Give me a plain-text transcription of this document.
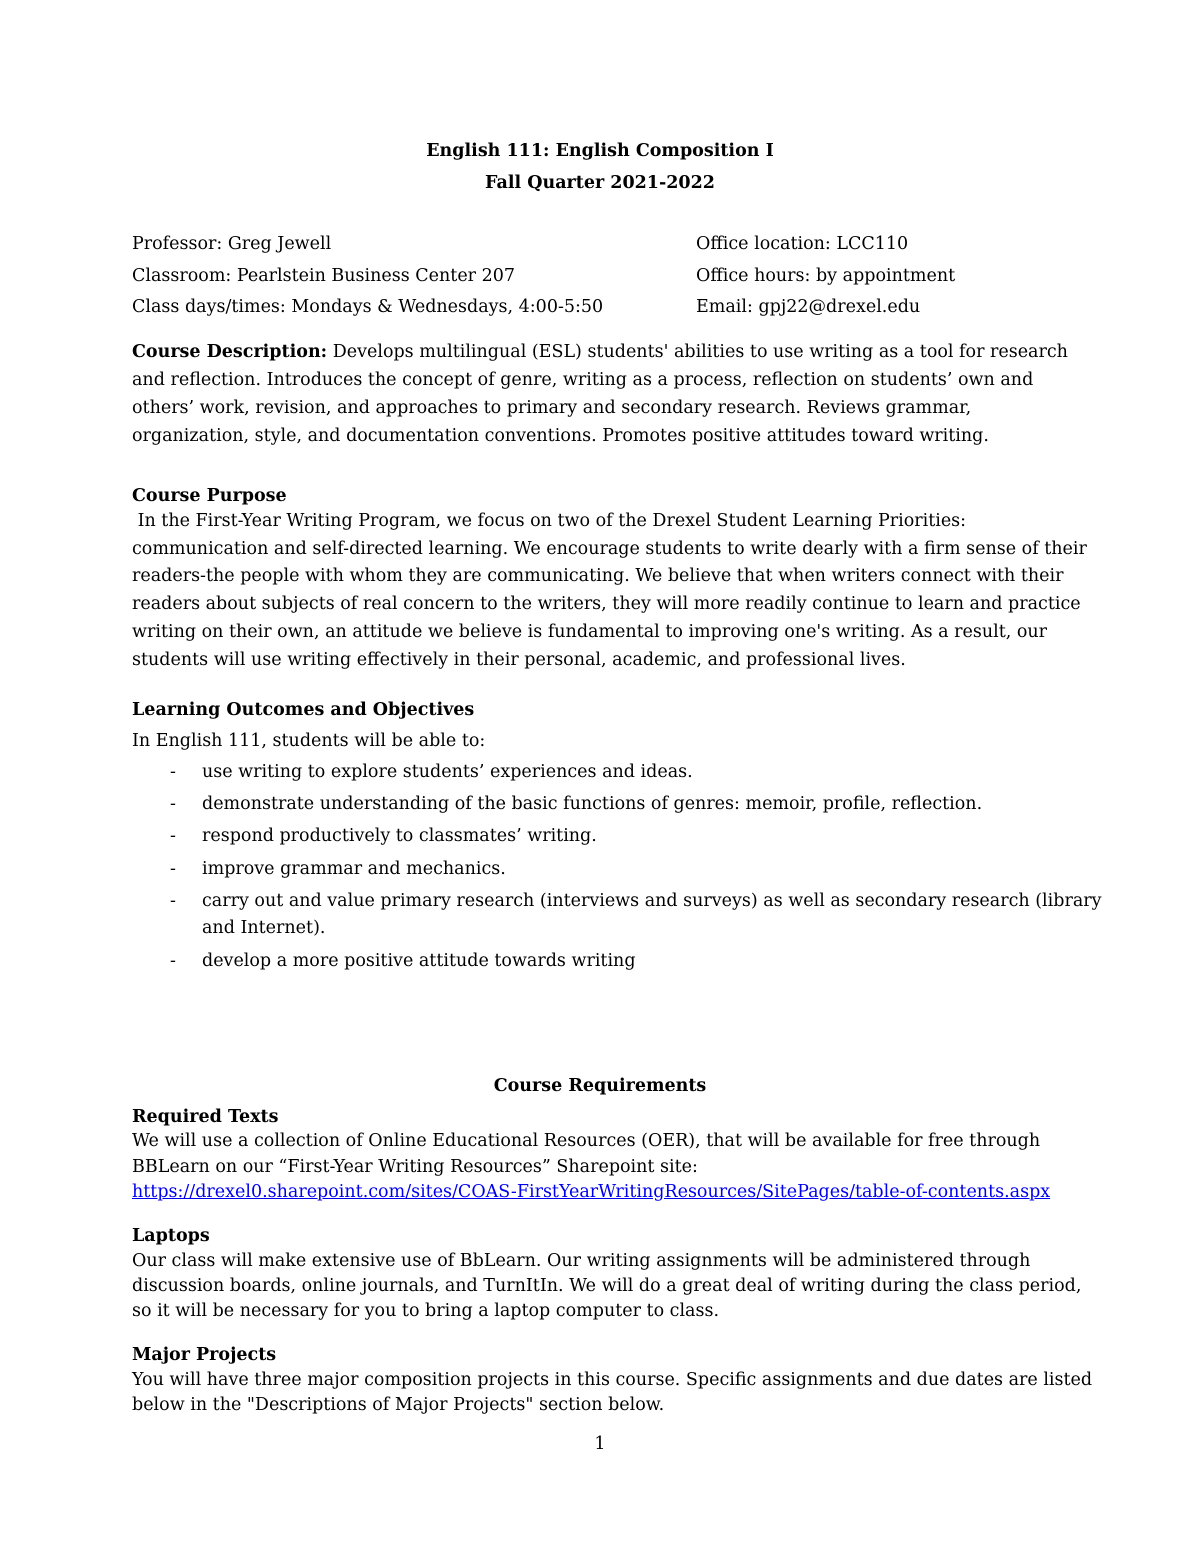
English 111: English Composition I
Fall Quarter 2021-2022
Professor: Greg Jewell
Classroom: Pearlstein Business Center 207
Class days/times: Mondays & Wednesdays, 4:00-5:50
Office location: LCC110
Office hours: by appointment
Email: gpj22@drexel.edu
Course Description: Develops multilingual (ESL) students' abilities to use writing as a tool for research
and reflection. Introduces the concept of genre, writing as a process, reflection on students’ own and
others’ work, revision, and approaches to primary and secondary research. Reviews grammar,
organization, style, and documentation conventions. Promotes positive attitudes toward writing.
Course Purpose
In the First-Year Writing Program, we focus on two of the Drexel Student Learning Priorities:
communication and self-directed learning. We encourage students to write dearly with a firm sense of their
readers-the people with whom they are communicating. We believe that when writers connect with their
readers about subjects of real concern to the writers, they will more readily continue to learn and practice
writing on their own, an attitude we believe is fundamental to improving one's writing. As a result, our
students will use writing effectively in their personal, academic, and professional lives.
Learning Outcomes and Objectives
In English 111, students will be able to:
- use writing to explore students’ experiences and ideas.
- demonstrate understanding of the basic functions of genres: memoir, profile, reflection.
- respond productively to classmates’ writing.
- improve grammar and mechanics.
- carry out and value primary research (interviews and surveys) as well as secondary research (library
and Internet).
- develop a more positive attitude towards writing
Course Requirements
Required Texts
We will use a collection of Online Educational Resources (OER), that will be available for free through
BBLearn on our “First-Year Writing Resources” Sharepoint site:
https://drexel0.sharepoint.com/sites/COAS-FirstYearWritingResources/SitePages/table-of-contents.aspx
Laptops
Our class will make extensive use of BbLearn. Our writing assignments will be administered through
discussion boards, online journals, and TurnItIn. We will do a great deal of writing during the class period,
so it will be necessary for you to bring a laptop computer to class.
Major Projects
You will have three major composition projects in this course. Specific assignments and due dates are listed
below in the "Descriptions of Major Projects" section below.
1
